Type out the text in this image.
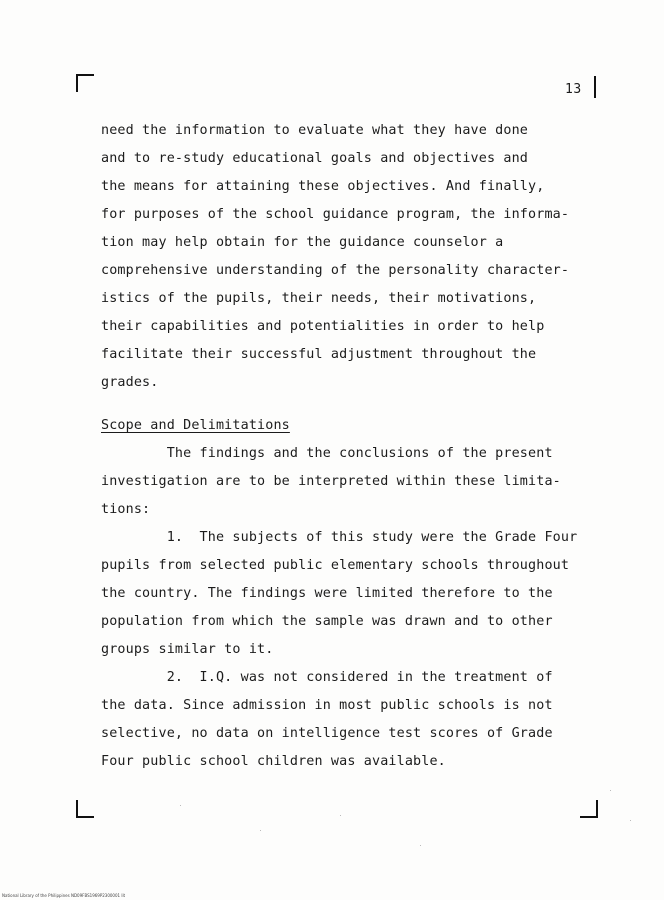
13
need the information to evaluate what they have done
and to re-study educational goals and objectives and
the means for attaining these objectives. And finally,
for purposes of the school guidance program, the informa-
tion may help obtain for the guidance counselor a
comprehensive understanding of the personality character-
istics of the pupils, their needs, their motivations,
their capabilities and potentialities in order to help
facilitate their successful adjustment throughout the
grades.
Scope and Delimitations
The findings and the conclusions of the present
investigation are to be interpreted within these limita-
tions:
1.  The subjects of this study were the Grade Four
pupils from selected public elementary schools throughout
the country. The findings were limited therefore to the
population from which the sample was drawn and to other
groups similar to it.
2.  I.Q. was not considered in the treatment of
the data. Since admission in most public schools is not
selective, no data on intelligence test scores of Grade
Four public school children was available.
National Library of the Philippines ND09FBS1969P2300001 lit
